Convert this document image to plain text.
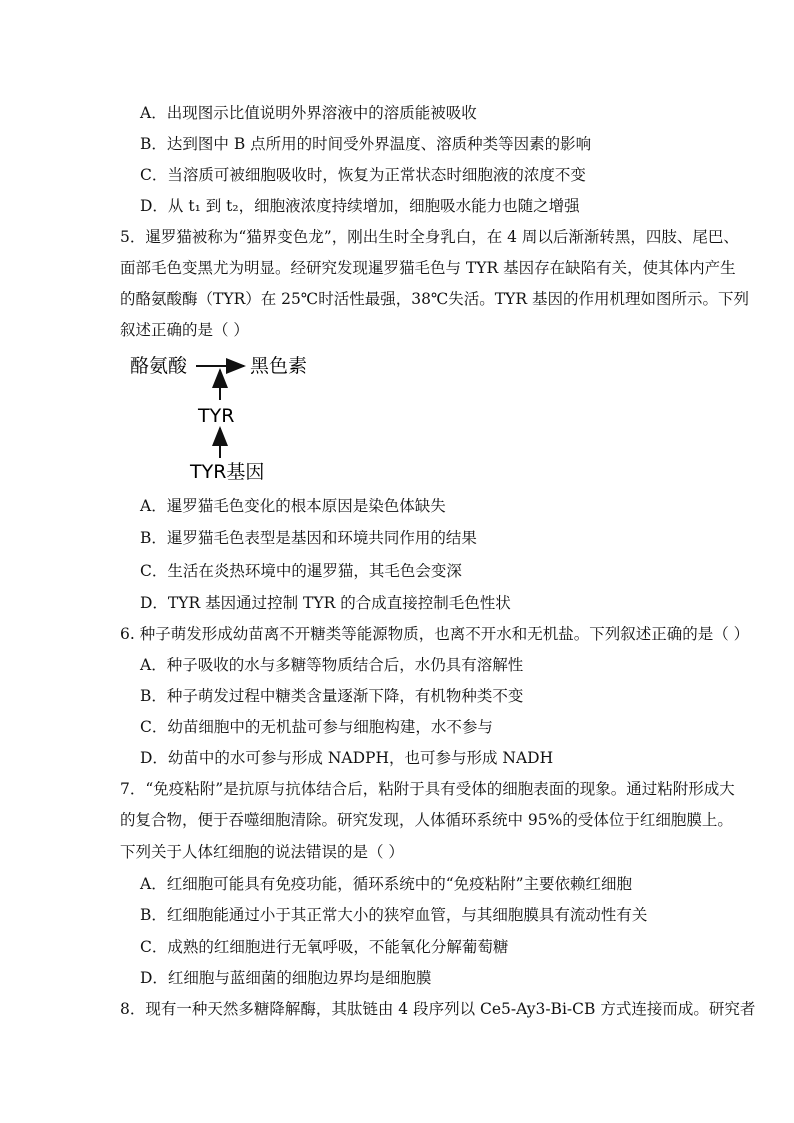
A．出现图示比值说明外界溶液中的溶质能被吸收
B．达到图中 B 点所用的时间受外界温度、溶质种类等因素的影响
C．当溶质可被细胞吸收时，恢复为正常状态时细胞液的浓度不变
D．从 t₁ 到 t₂，细胞液浓度持续增加，细胞吸水能力也随之增强
5．暹罗猫被称为“猫界变色龙”，刚出生时全身乳白，在 4 周以后渐渐转黑，四肢、尾巴、
面部毛色变黑尤为明显。经研究发现暹罗猫毛色与 TYR 基因存在缺陷有关，使其体内产生
的酪氨酸酶（TYR）在 25℃时活性最强，38℃失活。TYR 基因的作用机理如图所示。下列
叙述正确的是（ ）
酪氨酸	黑色素
TYR
TYR基因
A．暹罗猫毛色变化的根本原因是染色体缺失
B．暹罗猫毛色表型是基因和环境共同作用的结果
C．生活在炎热环境中的暹罗猫，其毛色会变深
D．TYR 基因通过控制 TYR 的合成直接控制毛色性状
6. 种子萌发形成幼苗离不开糖类等能源物质，也离不开水和无机盐。下列叙述正确的是（ ）
A．种子吸收的水与多糖等物质结合后，水仍具有溶解性
B．种子萌发过程中糖类含量逐渐下降，有机物种类不变
C．幼苗细胞中的无机盐可参与细胞构建，水不参与
D．幼苗中的水可参与形成 NADPH，也可参与形成 NADH
7．“免疫粘附”是抗原与抗体结合后，粘附于具有受体的细胞表面的现象。通过粘附形成大
的复合物，便于吞噬细胞清除。研究发现，人体循环系统中 95%的受体位于红细胞膜上。
下列关于人体红细胞的说法错误的是（ ）
A．红细胞可能具有免疫功能，循环系统中的“免疫粘附”主要依赖红细胞
B．红细胞能通过小于其正常大小的狭窄血管，与其细胞膜具有流动性有关
C．成熟的红细胞进行无氧呼吸，不能氧化分解葡萄糖
D．红细胞与蓝细菌的细胞边界均是细胞膜
8．现有一种天然多糖降解酶，其肽链由 4 段序列以 Ce5-Ay3-Bi-CB 方式连接而成。研究者
